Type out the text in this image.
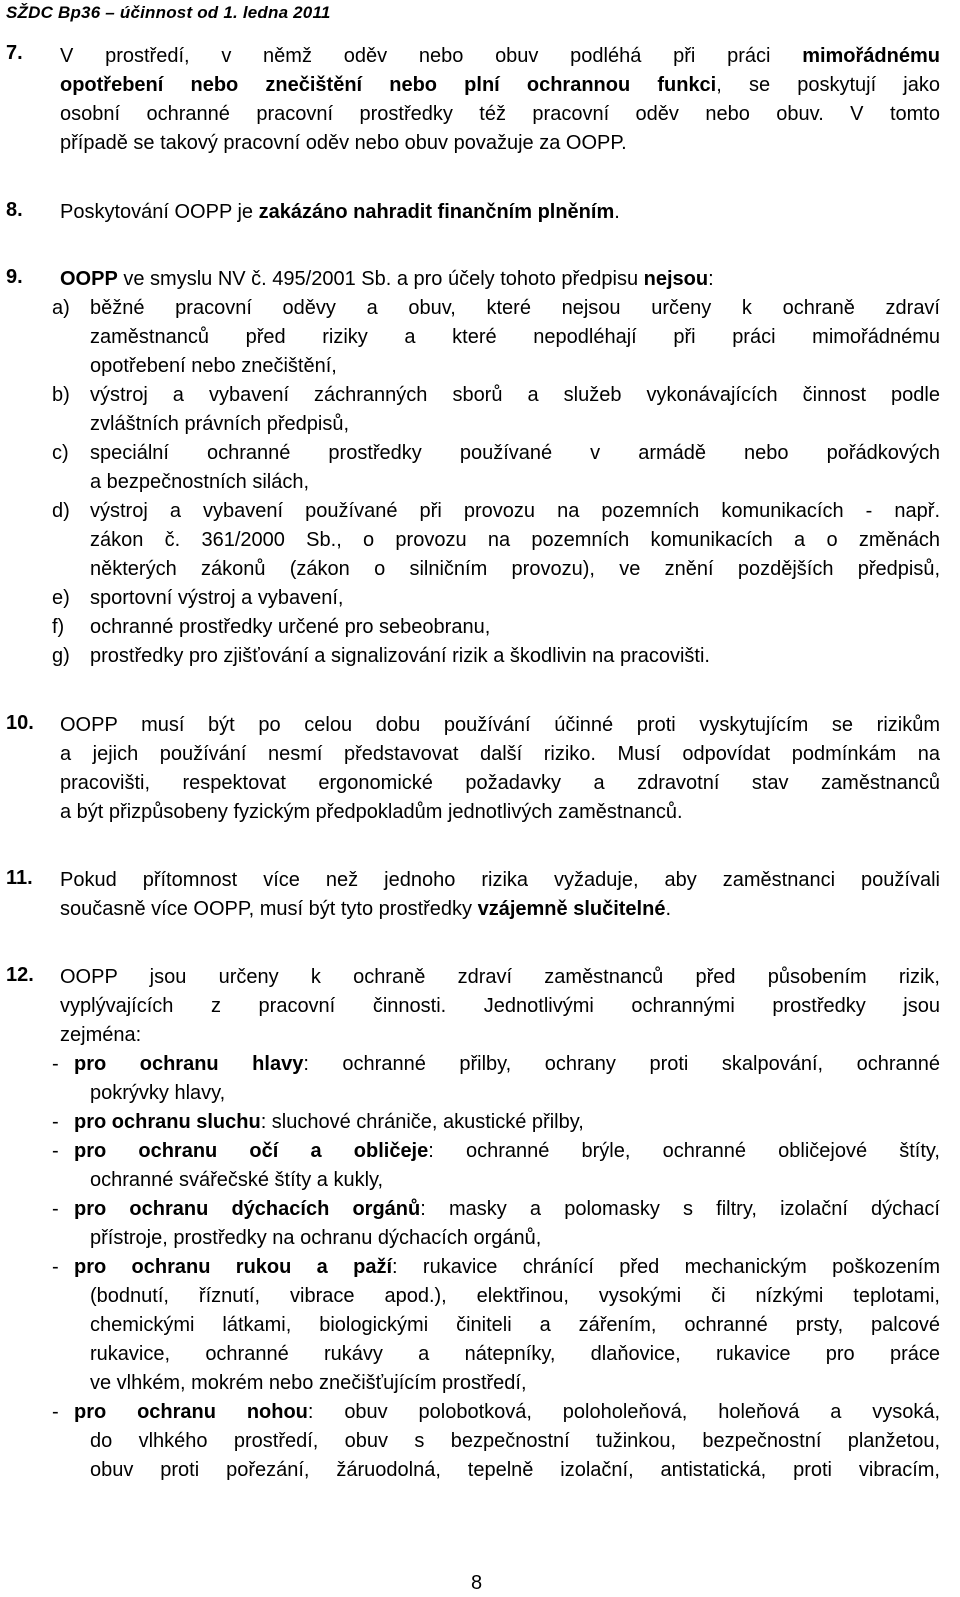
SŽDC Bp36 – účinnost od 1. ledna 2011
7. V prostředí, v němž oděv nebo obuv podléhá při práci mimořádnému
opotřebení nebo znečištění nebo plní ochrannou funkci, se poskytují jako
osobní ochranné pracovní prostředky též pracovní oděv nebo obuv. V tomto
případě se takový pracovní oděv nebo obuv považuje za OOPP.
8. Poskytování OOPP je zakázáno nahradit finančním plněním.
9. OOPP ve smyslu NV č. 495/2001 Sb. a pro účely tohoto předpisu nejsou:
a) běžné pracovní oděvy a obuv, které nejsou určeny k ochraně zdraví
zaměstnanců před riziky a které nepodléhají při práci mimořádnému
opotřebení nebo znečištění,
b) výstroj a vybavení záchranných sborů a služeb vykonávajících činnost podle
zvláštních právních předpisů,
c) speciální ochranné prostředky používané v armádě nebo pořádkových
a bezpečnostních silách,
d) výstroj a vybavení používané při provozu na pozemních komunikacích - např.
zákon č. 361/2000 Sb., o provozu na pozemních komunikacích a o změnách
některých zákonů (zákon o silničním provozu), ve znění pozdějších předpisů,
e) sportovní výstroj a vybavení,
f) ochranné prostředky určené pro sebeobranu,
g) prostředky pro zjišťování a signalizování rizik a škodlivin na pracovišti.
10. OOPP musí být po celou dobu používání účinné proti vyskytujícím se rizikům
a jejich používání nesmí představovat další riziko. Musí odpovídat podmínkám na
pracovišti, respektovat ergonomické požadavky a zdravotní stav zaměstnanců
a být přizpůsobeny fyzickým předpokladům jednotlivých zaměstnanců.
11. Pokud přítomnost více než jednoho rizika vyžaduje, aby zaměstnanci používali
současně více OOPP, musí být tyto prostředky vzájemně slučitelné.
12. OOPP jsou určeny k ochraně zdraví zaměstnanců před působením rizik,
vyplývajících z pracovní činnosti. Jednotlivými ochrannými prostředky jsou
zejména:
- pro ochranu hlavy: ochranné přilby, ochrany proti skalpování, ochranné
pokrývky hlavy,
- pro ochranu sluchu: sluchové chrániče, akustické přilby,
- pro ochranu očí a obličeje: ochranné brýle, ochranné obličejové štíty,
ochranné svářečské štíty a kukly,
- pro ochranu dýchacích orgánů: masky a polomasky s filtry, izolační dýchací
přístroje, prostředky na ochranu dýchacích orgánů,
- pro ochranu rukou a paží: rukavice chránící před mechanickým poškozením
(bodnutí, říznutí, vibrace apod.), elektřinou, vysokými či nízkými teplotami,
chemickými látkami, biologickými činiteli a zářením, ochranné prsty, palcové
rukavice, ochranné rukávy a nátepníky, dlaňovice, rukavice pro práce
ve vlhkém, mokrém nebo znečišťujícím prostředí,
- pro ochranu nohou: obuv polobotková, poloholeňová, holeňová a vysoká,
do vlhkého prostředí, obuv s bezpečnostní tužinkou, bezpečnostní planžetou,
obuv proti pořezání, žáruodolná, tepelně izolační, antistatická, proti vibracím,
8
